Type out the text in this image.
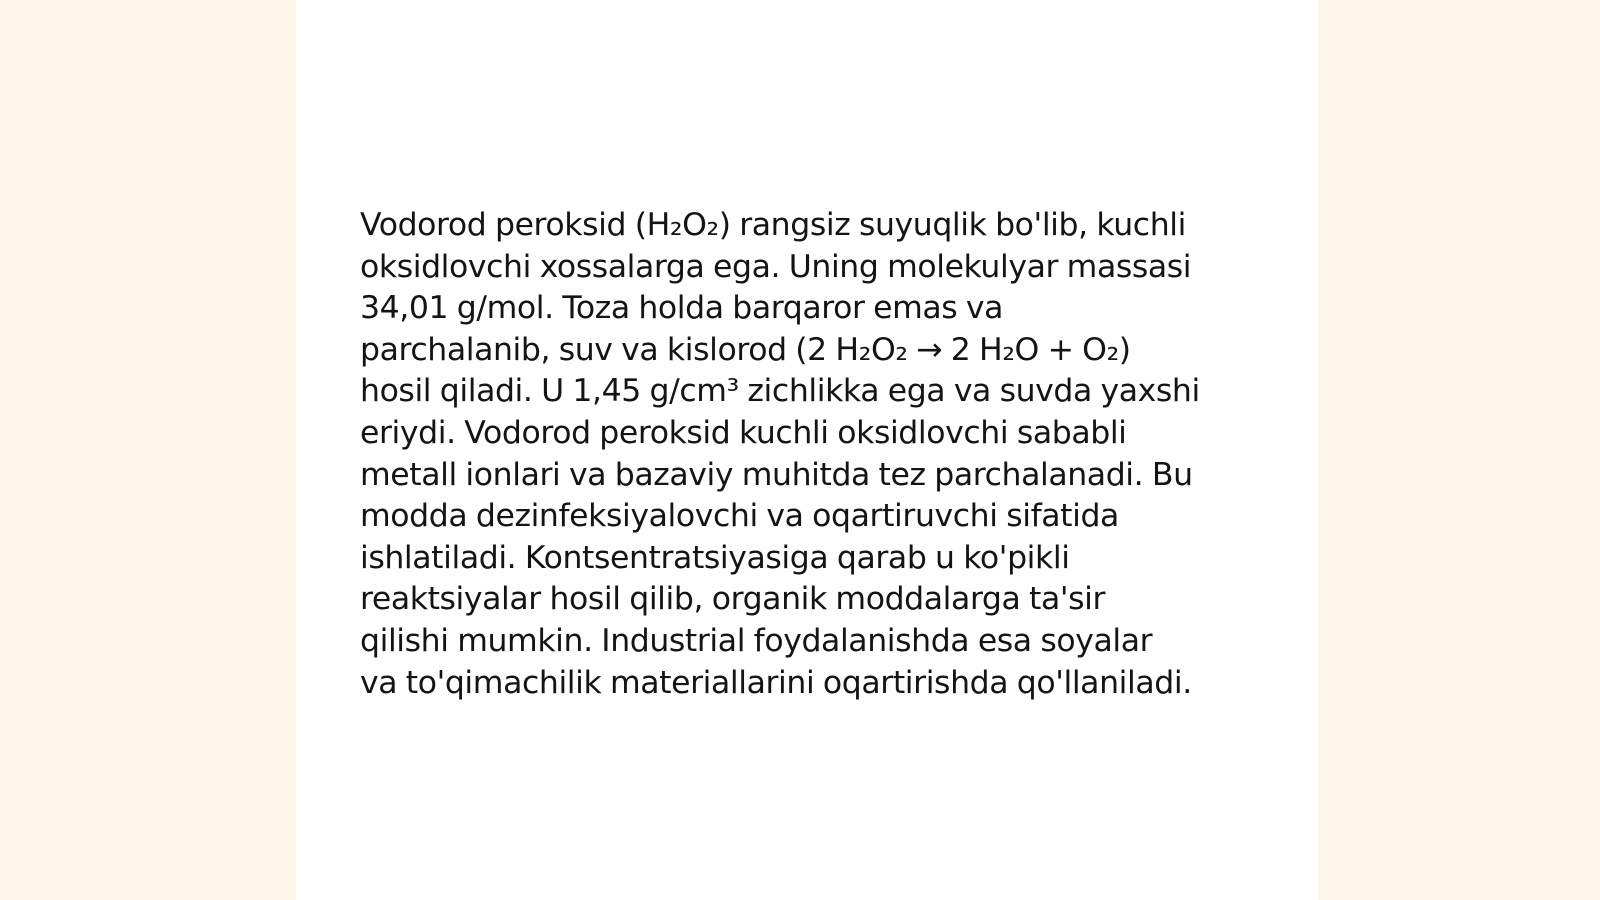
Vodorod peroksid (H₂O₂) rangsiz suyuqlik bo'lib, kuchli
oksidlovchi xossalarga ega. Uning molekulyar massasi
34,01 g/mol. Toza holda barqaror emas va
parchalanib, suv va kislorod (2 H₂O₂ → 2 H₂O + O₂)
hosil qiladi. U 1,45 g/cm³ zichlikka ega va suvda yaxshi
eriydi. Vodorod peroksid kuchli oksidlovchi sababli
metall ionlari va bazaviy muhitda tez parchalanadi. Bu
modda dezinfeksiyalovchi va oqartiruvchi sifatida
ishlatiladi. Kontsentratsiyasiga qarab u ko'pikli
reaktsiyalar hosil qilib, organik moddalarga ta'sir
qilishi mumkin. Industrial foydalanishda esa soyalar
va to'qimachilik materiallarini oqartirishda qo'llaniladi.
